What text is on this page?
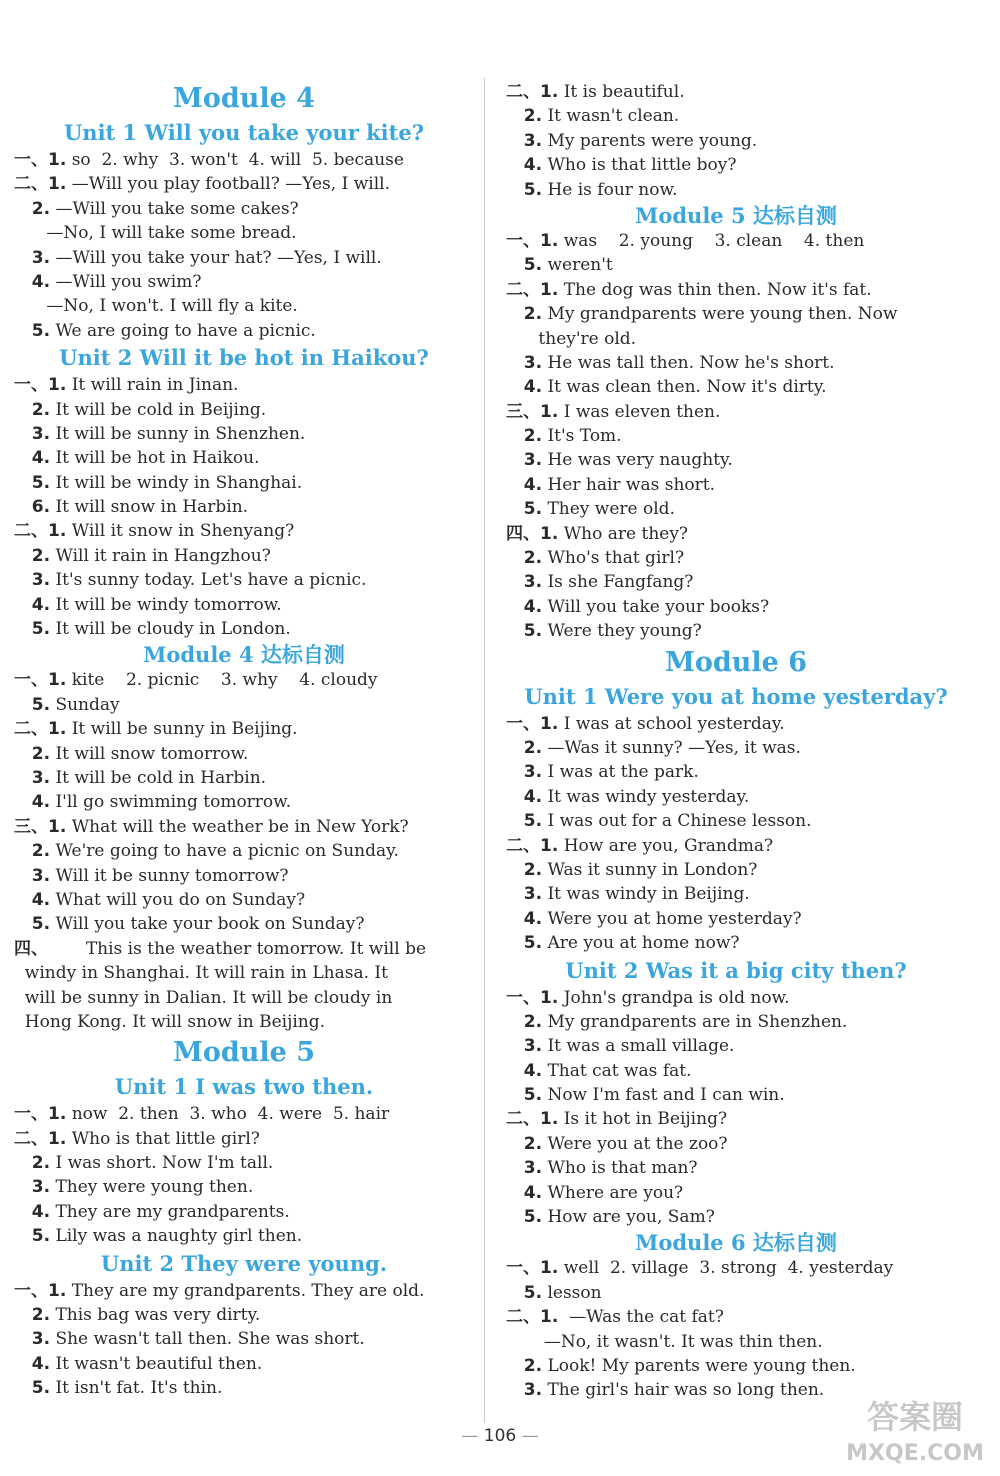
Module 4
Unit 1 Will you take your kite?
一、1. so  2. why  3. won't  4. will  5. because
二、1. —Will you play football? —Yes, I will.
2. —Will you take some cakes?
—No, I will take some bread.
3. —Will you take your hat? —Yes, I will.
4. —Will you swim?
—No, I won't. I will fly a kite.
5. We are going to have a picnic.
Unit 2 Will it be hot in Haikou?
一、1. It will rain in Jinan.
2. It will be cold in Beijing.
3. It will be sunny in Shenzhen.
4. It will be hot in Haikou.
5. It will be windy in Shanghai.
6. It will snow in Harbin.
二、1. Will it snow in Shenyang?
2. Will it rain in Hangzhou?
3. It's sunny today. Let's have a picnic.
4. It will be windy tomorrow.
5. It will be cloudy in London.
Module 4 达标自测
一、1. kite    2. picnic    3. why    4. cloudy
5. Sunday
二、1. It will be sunny in Beijing.
2. It will snow tomorrow.
3. It will be cold in Harbin.
4. I'll go swimming tomorrow.
三、1. What will the weather be in New York?
2. We're going to have a picnic on Sunday.
3. Will it be sunny tomorrow?
4. What will you do on Sunday?
5. Will you take your book on Sunday?
四、       This is the weather tomorrow. It will be
windy in Shanghai. It will rain in Lhasa. It
will be sunny in Dalian. It will be cloudy in
Hong Kong. It will snow in Beijing.
Module 5
Unit 1 I was two then.
一、1. now  2. then  3. who  4. were  5. hair
二、1. Who is that little girl?
2. I was short. Now I'm tall.
3. They were young then.
4. They are my grandparents.
5. Lily was a naughty girl then.
Unit 2 They were young.
一、1. They are my grandparents. They are old.
2. This bag was very dirty.
3. She wasn't tall then. She was short.
4. It wasn't beautiful then.
5. It isn't fat. It's thin.
二、1. It is beautiful.
2. It wasn't clean.
3. My parents were young.
4. Who is that little boy?
5. He is four now.
Module 5 达标自测
一、1. was    2. young    3. clean    4. then
5. weren't
二、1. The dog was thin then. Now it's fat.
2. My grandparents were young then. Now
they're old.
3. He was tall then. Now he's short.
4. It was clean then. Now it's dirty.
三、1. I was eleven then.
2. It's Tom.
3. He was very naughty.
4. Her hair was short.
5. They were old.
四、1. Who are they?
2. Who's that girl?
3. Is she Fangfang?
4. Will you take your books?
5. Were they young?
Module 6
Unit 1 Were you at home yesterday?
一、1. I was at school yesterday.
2. —Was it sunny? —Yes, it was.
3. I was at the park.
4. It was windy yesterday.
5. I was out for a Chinese lesson.
二、1. How are you, Grandma?
2. Was it sunny in London?
3. It was windy in Beijing.
4. Were you at home yesterday?
5. Are you at home now?
Unit 2 Was it a big city then?
一、1. John's grandpa is old now.
2. My grandparents are in Shenzhen.
3. It was a small village.
4. That cat was fat.
5. Now I'm fast and I can win.
二、1. Is it hot in Beijing?
2. Were you at the zoo?
3. Who is that man?
4. Where are you?
5. How are you, Sam?
Module 6 达标自测
一、1. well  2. village  3. strong  4. yesterday
5. lesson
二、1.  —Was the cat fat?
—No, it wasn't. It was thin then.
2. Look! My parents were young then.
3. The girl's hair was so long then.
— 106 —	答案圈
MXQE.COM
